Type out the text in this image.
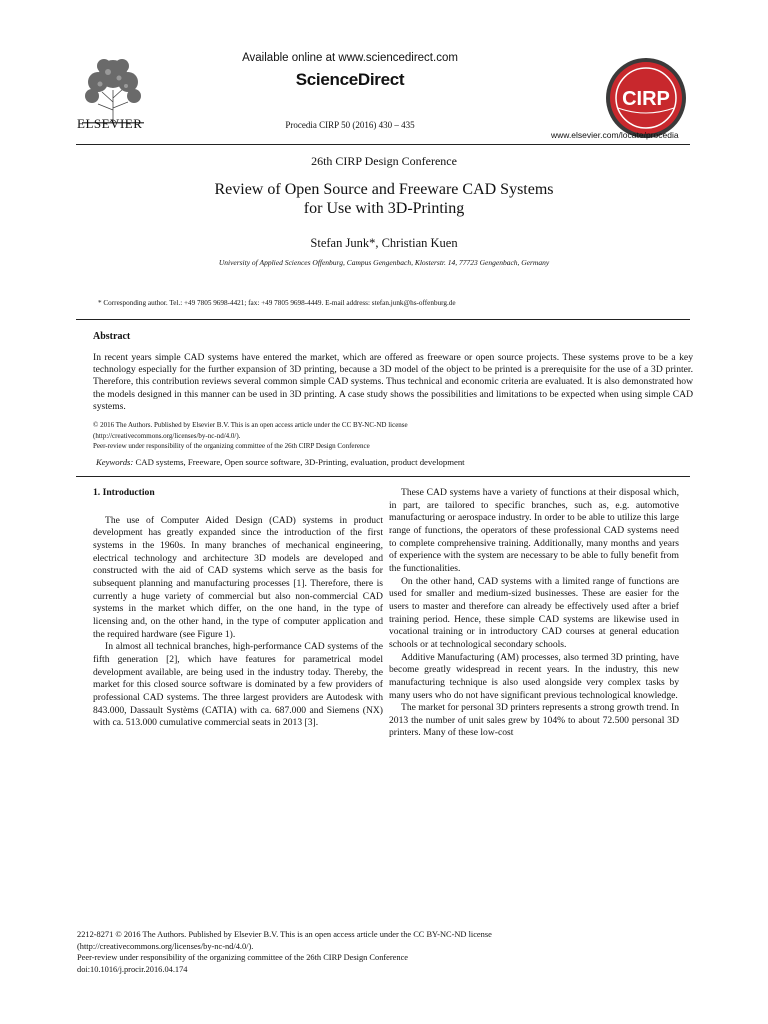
ELSEVIER
Available online at www.sciencedirect.com
ScienceDirect
Procedia CIRP 50 (2016) 430 – 435
CIRP
www.elsevier.com/locate/procedia
26th CIRP Design Conference
Review of Open Source and Freeware CAD Systems
for Use with 3D-Printing
Stefan Junk*, Christian Kuen
University of Applied Sciences Offenburg, Campus Gengenbach, Klosterstr. 14, 77723 Gengenbach, Germany
* Corresponding author. Tel.: +49 7805 9698-4421; fax: +49 7805 9698-4449. E-mail address: stefan.junk@hs-offenburg.de
Abstract
In recent years simple CAD systems have entered the market, which are offered as freeware or open source projects. These systems prove to be a key technology especially for the further expansion of 3D printing, because a 3D model of the object to be printed is a prerequisite for the use of a 3D printer. Therefore, this contribution reviews several common simple CAD systems. Thus technical and economic criteria are evaluated. It is also demonstrated how the models designed in this manner can be used in 3D printing. A case study shows the possibilities and limitations to be expected when using simple CAD systems.
© 2016 The Authors. Published by Elsevier B.V. This is an open access article under the CC BY-NC-ND license
(http://creativecommons.org/licenses/by-nc-nd/4.0/).
Peer-review under responsibility of the organizing committee of the 26th CIRP Design Conference
Keywords: CAD systems, Freeware, Open source software, 3D-Printing, evaluation, product development
1. Introduction

The use of Computer Aided Design (CAD) systems in product development has greatly expanded since the introduction of the first systems in the 1960s. In many branches of mechanical engineering, electrical technology and architecture 3D models are developed and constructed with the aid of CAD systems which serve as the basis for subsequent planning and manufacturing processes [1]. Therefore, there is currently a huge variety of commercial but also non-commercial CAD systems in the market which differ, on the one hand, in the type of licensing and, on the other hand, in the type of computer application and the required hardware (see Figure 1).

In almost all technical branches, high-performance CAD systems of the fifth generation [2], which have features for parametrical model development available, are being used in the industry today. Thereby, the market for this closed source software is dominated by a few providers of professional CAD systems. The three largest providers are Autodesk with 843.000, Dassault Systèms (CATIA) with ca. 687.000 and Siemens (NX) with ca. 513.000 cumulative commercial seats in 2013 [3].

These CAD systems have a variety of functions at their disposal which, in part, are tailored to specific branches, such as, e.g. automotive manufacturing or aerospace industry. In order to be able to utilize this large range of functions, the operators of these professional CAD systems need to complete comprehensive training. Additionally, many months and years of experience with the system are necessary to be able to fully benefit from the functionalities.

On the other hand, CAD systems with a limited range of functions are used for smaller and medium-sized businesses. These are easier for the users to master and therefore can already be effectively used after a brief training period. Hence, these simple CAD systems are likewise used in vocational training or in introductory CAD courses at general education schools or at technological secondary schools.

Additive Manufacturing (AM) processes, also termed 3D printing, have become greatly widespread in recent years. In the industry, this new manufacturing technique is also used alongside very complex tasks by many users who do not have significant previous technological knowledge.

The market for personal 3D printers represents a strong growth trend. In 2013 the number of unit sales grew by 104% to about 72.500 personal 3D printers. Many of these low-cost

2212-8271 © 2016 The Authors. Published by Elsevier B.V. This is an open access article under the CC BY-NC-ND license
(http://creativecommons.org/licenses/by-nc-nd/4.0/).
Peer-review under responsibility of the organizing committee of the 26th CIRP Design Conference
doi:10.1016/j.procir.2016.04.174
